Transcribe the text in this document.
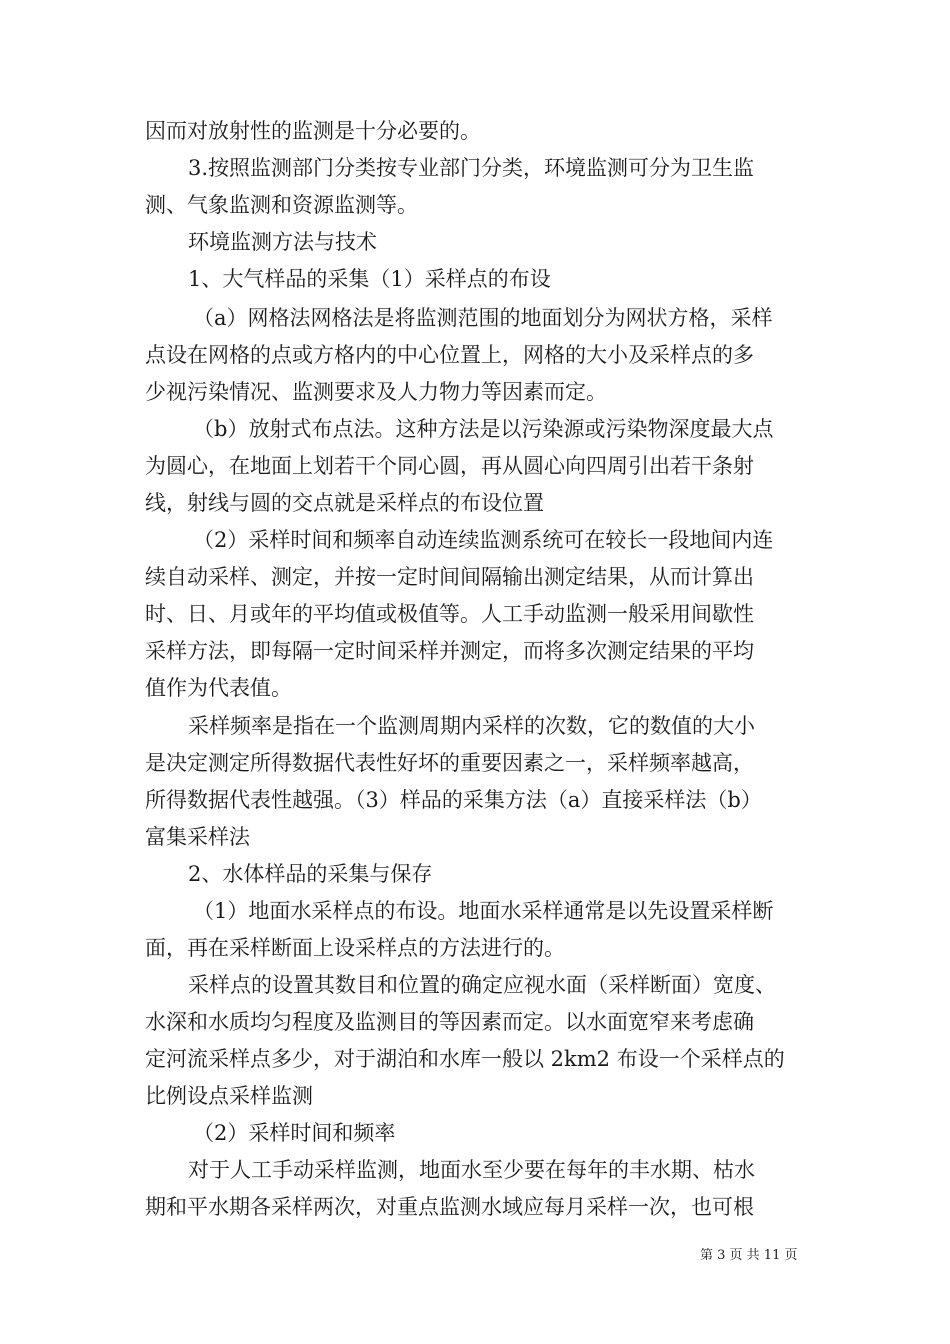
因而对放射性的监测是十分必要的。
3.按照监测部门分类按专业部门分类，环境监测可分为卫生监
测、气象监测和资源监测等。
环境监测方法与技术
1、大气样品的采集（1）采样点的布设
（a）网格法网格法是将监测范围的地面划分为网状方格，采样
点设在网格的点或方格内的中心位置上，网格的大小及采样点的多
少视污染情况、监测要求及人力物力等因素而定。
（b）放射式布点法。这种方法是以污染源或污染物深度最大点
为圆心，在地面上划若干个同心圆，再从圆心向四周引出若干条射
线，射线与圆的交点就是采样点的布设位置
（2）采样时间和频率自动连续监测系统可在较长一段地间内连
续自动采样、测定，并按一定时间间隔输出测定结果，从而计算出
时、日、月或年的平均值或极值等。人工手动监测一般采用间歇性
采样方法，即每隔一定时间采样并测定，而将多次测定结果的平均
值作为代表值。
采样频率是指在一个监测周期内采样的次数，它的数值的大小
是决定测定所得数据代表性好坏的重要因素之一，采样频率越高，
所得数据代表性越强。（3）样品的采集方法（a）直接采样法（b）
富集采样法
2、水体样品的采集与保存
（1）地面水采样点的布设。地面水采样通常是以先设置采样断
面，再在采样断面上设采样点的方法进行的。
采样点的设置其数目和位置的确定应视水面（采样断面）宽度、
水深和水质均匀程度及监测目的等因素而定。以水面宽窄来考虑确
定河流采样点多少，对于湖泊和水库一般以 2km2 布设一个采样点的
比例设点采样监测
（2）采样时间和频率
对于人工手动采样监测，地面水至少要在每年的丰水期、枯水
期和平水期各采样两次，对重点监测水域应每月采样一次，也可根
第 3 页 共 11 页
